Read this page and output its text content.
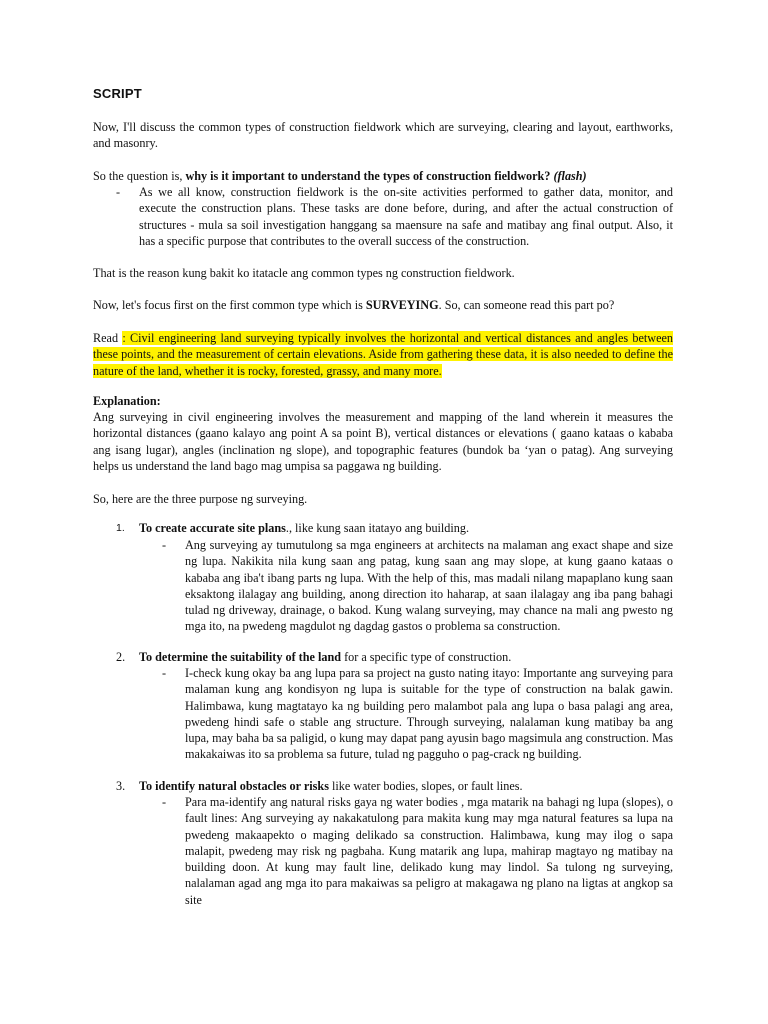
SCRIPT

Now, I'll discuss the common types of construction fieldwork which are surveying, clearing and layout, earthworks, and masonry.

So the question is, why is it important to understand the types of construction fieldwork? (flash)

- As we all know, construction fieldwork is the on-site activities performed to gather data, monitor, and execute the construction plans. These tasks are done before, during, and after the actual construction of structures - mula sa soil investigation hanggang sa maensure na safe and matibay ang final output. Also, it has a specific purpose that contributes to the overall success of the construction.

That is the reason kung bakit ko itatacle ang common types ng construction fieldwork.

Now, let's focus first on the first common type which is SURVEYING. So, can someone read this part po?

Read : Civil engineering land surveying typically involves the horizontal and vertical distances and angles between these points, and the measurement of certain elevations. Aside from gathering these data, it is also needed to define the nature of the land, whether it is rocky, forested, grassy, and many more.

Explanation:

Ang surveying in civil engineering involves the measurement and mapping of the land wherein it measures the horizontal distances (gaano kalayo ang point A sa point B), vertical distances or elevations ( gaano kataas o kababa ang isang lugar), angles (inclination ng slope), and topographic features (bundok ba ‘yan o patag). Ang surveying helps us understand the land bago mag umpisa sa paggawa ng building.

So, here are the three purpose ng surveying.

1. To create accurate site plans., like kung saan itatayo ang building.
- Ang surveying ay tumutulong sa mga engineers at architects na malaman ang exact shape and size ng lupa. Nakikita nila kung saan ang patag, kung saan ang may slope, at kung gaano kataas o kababa ang iba't ibang parts ng lupa. With the help of this, mas madali nilang mapaplano kung saan eksaktong ilalagay ang building, anong direction ito haharap, at saan ilalagay ang iba pang bahagi tulad ng driveway, drainage, o bakod. Kung walang surveying, may chance na mali ang pwesto ng mga ito, na pwedeng magdulot ng dagdag gastos o problema sa construction.

2. To determine the suitability of the land for a specific type of construction.
- I-check kung okay ba ang lupa para sa project na gusto nating itayo: Importante ang surveying para malaman kung ang kondisyon ng lupa is suitable for the type of construction na balak gawin. Halimbawa, kung magtatayo ka ng building pero malambot pala ang lupa o basa palagi ang area, pwedeng hindi safe o stable ang structure. Through surveying, nalalaman kung matibay ba ang lupa, may baha ba sa paligid, o kung may dapat pang ayusin bago magsimula ang construction. Mas makakaiwas ito sa problema sa future, tulad ng pagguho o pag-crack ng building.

3. To identify natural obstacles or risks like water bodies, slopes, or fault lines.
- Para ma-identify ang natural risks gaya ng water bodies , mga matarik na bahagi ng lupa (slopes), o fault lines: Ang surveying ay nakakatulong para makita kung may mga natural features sa lupa na pwedeng makaapekto o maging delikado sa construction. Halimbawa, kung may ilog o sapa malapit, pwedeng may risk ng pagbaha. Kung matarik ang lupa, mahirap magtayo ng matibay na building doon. At kung may fault line, delikado kung may lindol. Sa tulong ng surveying, nalalaman agad ang mga ito para makaiwas sa peligro at makagawa ng plano na ligtas at angkop sa site
